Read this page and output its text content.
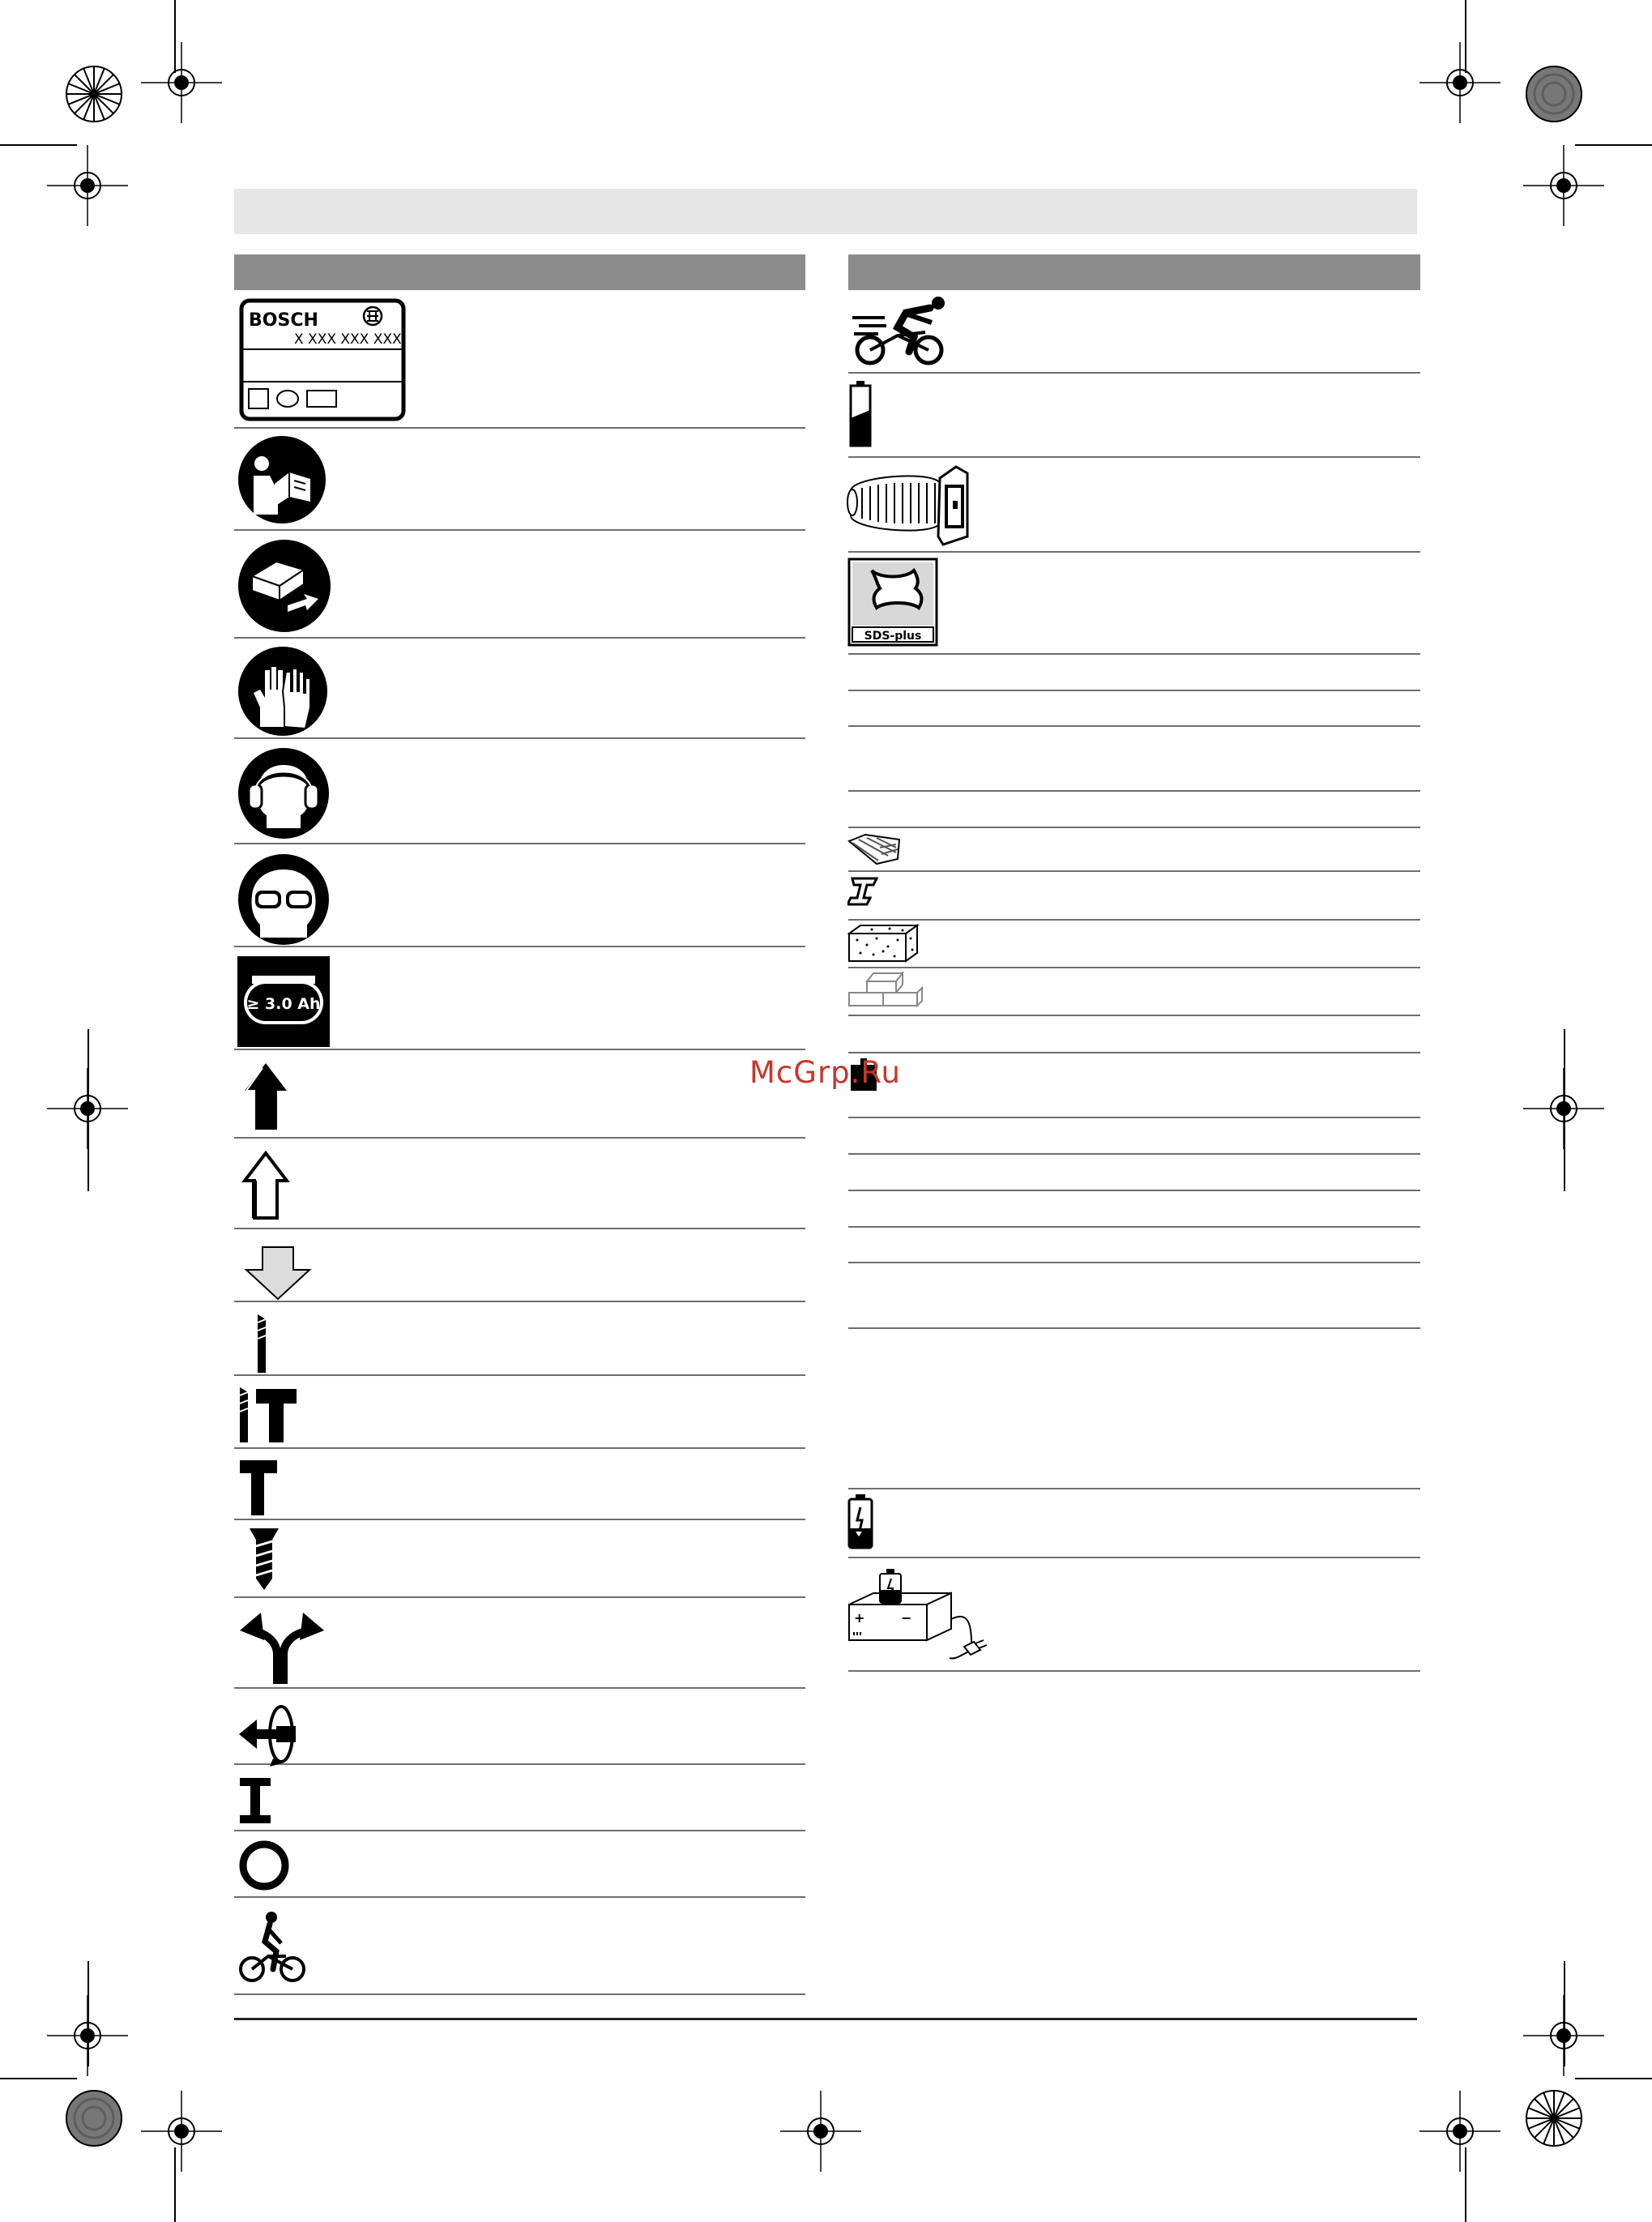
BOSCH
X XXX XXX XXX
≥ 3.0 Ah
SDS-plus
+	−
McGrp.Ru
